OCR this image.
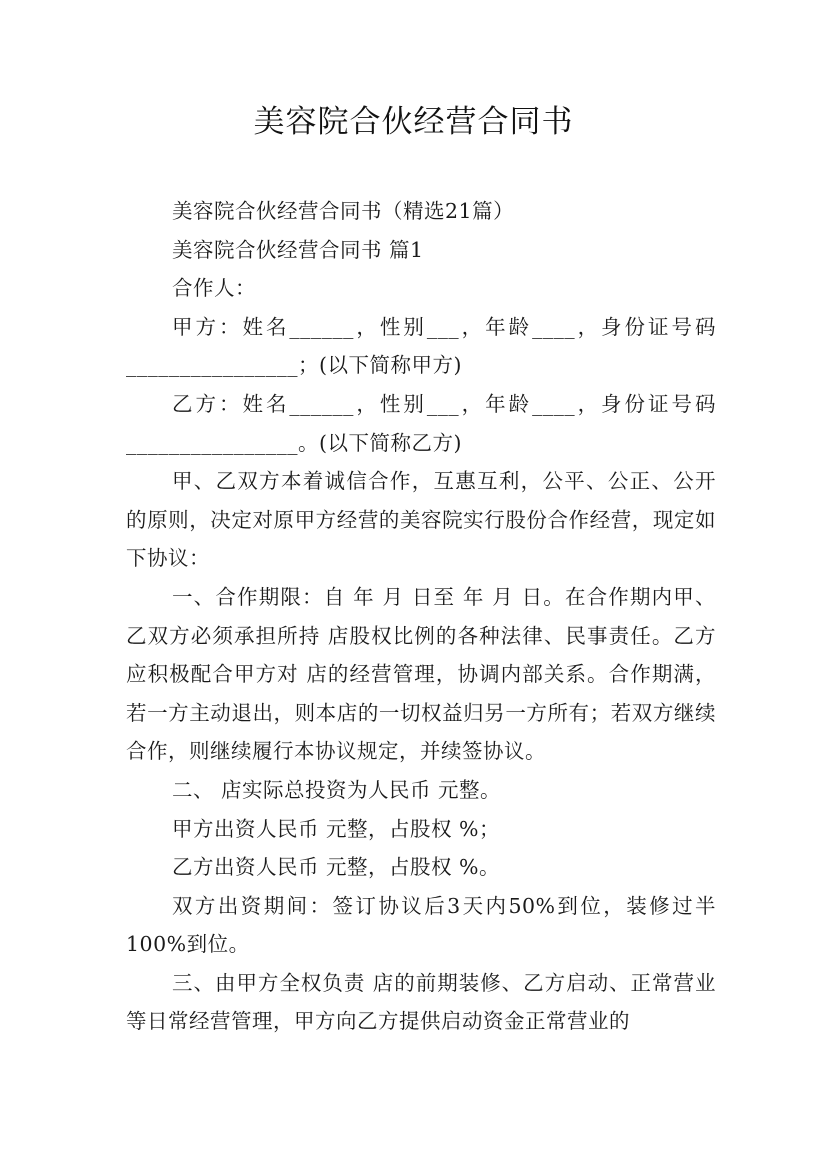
美容院合伙经营合同书

美容院合伙经营合同书（精选21篇）

美容院合伙经营合同书 篇1

合作人：

甲方：姓名______，性别___，年龄____，身份证号码________________；(以下简称甲方)

乙方：姓名______，性别___，年龄____，身份证号码________________。(以下简称乙方)

甲、乙双方本着诚信合作，互惠互利，公平、公正、公开的原则，决定对原甲方经营的美容院实行股份合作经营，现定如下协议：

一、合作期限：自 年 月 日至 年 月 日。在合作期内甲、乙双方必须承担所持 店股权比例的各种法律、民事责任。乙方应积极配合甲方对 店的经营管理，协调内部关系。合作期满，若一方主动退出，则本店的一切权益归另一方所有；若双方继续合作，则继续履行本协议规定，并续签协议。

二、 店实际总投资为人民币 元整。

甲方出资人民币 元整，占股权 %；

乙方出资人民币 元整，占股权 %。

双方出资期间：签订协议后3天内50%到位，装修过半100%到位。

三、由甲方全权负责 店的前期装修、乙方启动、正常营业等日常经营管理，甲方向乙方提供启动资金正常营业的
